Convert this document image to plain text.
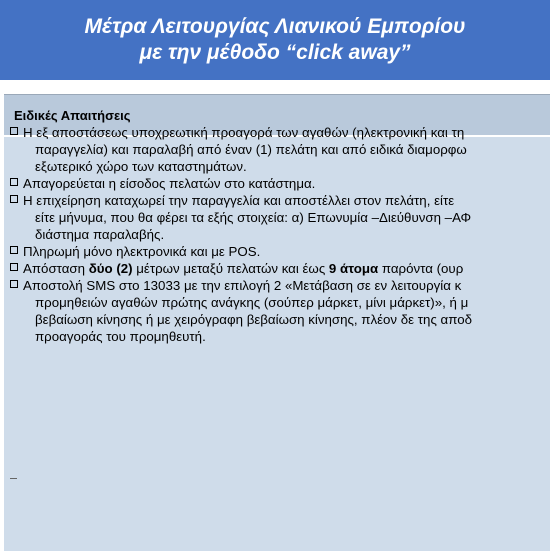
Μέτρα Λειτουργίας Λιανικού Εμπορίου
με την μέθοδο “click away”
Ειδικές Απαιτήσεις
Η εξ αποστάσεως υποχρεωτική προαγορά των αγαθών (ηλεκτρονική και τη
παραγγελία) και παραλαβή από έναν (1) πελάτη και από ειδικά διαμορφω
εξωτερικό χώρο των καταστημάτων.
Απαγορεύεται η είσοδος πελατών στο κατάστημα.
Η επιχείρηση καταχωρεί την παραγγελία και αποστέλλει στον πελάτη, είτε
είτε μήνυμα, που θα φέρει τα εξής στοιχεία: α) Επωνυμία –Διεύθυνση –ΑΦ
διάστημα παραλαβής.
Πληρωμή μόνο ηλεκτρονικά και με POS.
Απόσταση δύο (2) μέτρων μεταξύ πελατών και έως 9 άτομα παρόντα (ουρ
Αποστολή SMS στο 13033 με την επιλογή 2 «Μετάβαση σε εν λειτουργία κ
προμηθειών αγαθών πρώτης ανάγκης (σούπερ μάρκετ, μίνι μάρκετ)», ή μ
βεβαίωση κίνησης ή με χειρόγραφη βεβαίωση κίνησης, πλέον δε της αποδ
προαγοράς του προμηθευτή.
